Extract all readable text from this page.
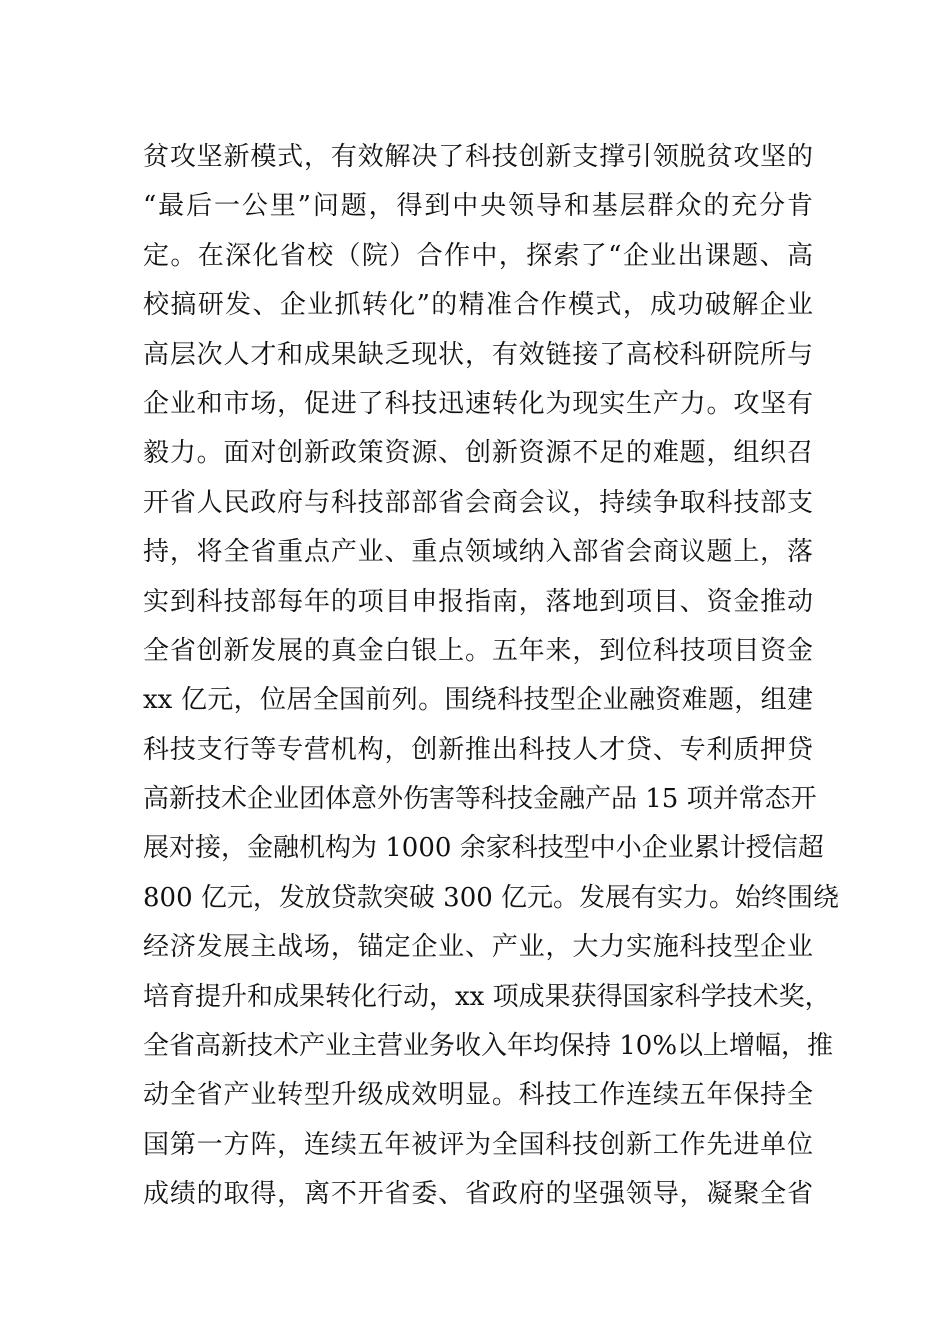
贫攻坚新模式，有效解决了科技创新支撑引领脱贫攻坚的
“最后一公里”问题，得到中央领导和基层群众的充分肯
定。在深化省校（院）合作中，探索了“企业出课题、高
校搞研发、企业抓转化”的精准合作模式，成功破解企业
高层次人才和成果缺乏现状，有效链接了高校科研院所与
企业和市场，促进了科技迅速转化为现实生产力。攻坚有
毅力。面对创新政策资源、创新资源不足的难题，组织召
开省人民政府与科技部部省会商会议，持续争取科技部支
持，将全省重点产业、重点领域纳入部省会商议题上，落
实到科技部每年的项目申报指南，落地到项目、资金推动
全省创新发展的真金白银上。五年来，到位科技项目资金
xx 亿元，位居全国前列。围绕科技型企业融资难题，组建
科技支行等专营机构，创新推出科技人才贷、专利质押贷
高新技术企业团体意外伤害等科技金融产品 15 项并常态开
展对接，金融机构为 1000 余家科技型中小企业累计授信超
800 亿元，发放贷款突破 300 亿元。发展有实力。始终围绕
经济发展主战场，锚定企业、产业，大力实施科技型企业
培育提升和成果转化行动，xx 项成果获得国家科学技术奖，
全省高新技术产业主营业务收入年均保持 10%以上增幅，推
动全省产业转型升级成效明显。科技工作连续五年保持全
国第一方阵，连续五年被评为全国科技创新工作先进单位
成绩的取得，离不开省委、省政府的坚强领导，凝聚全省
